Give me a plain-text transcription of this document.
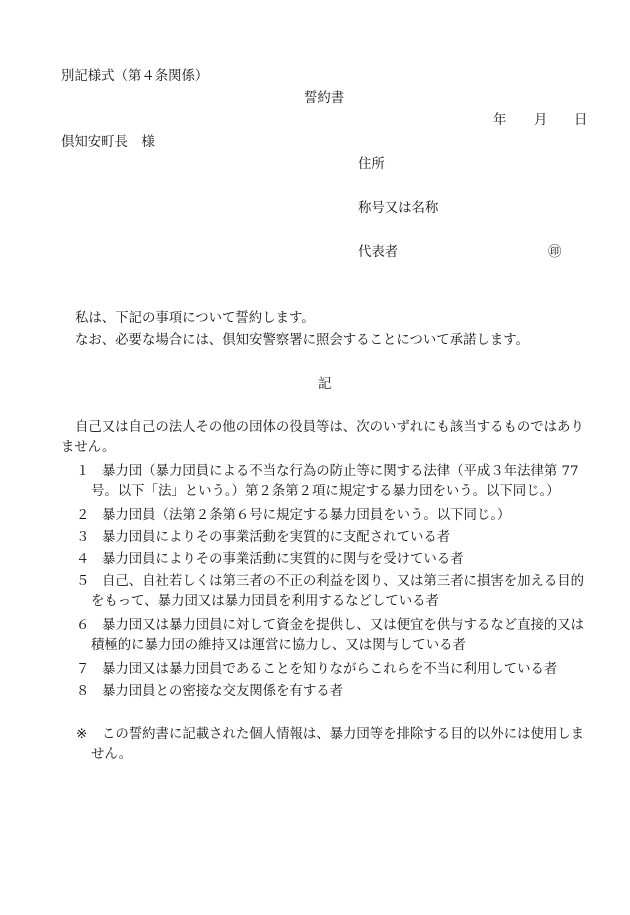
別記様式（第４条関係）
誓約書
年 月 日
倶知安町長　様
住所
称号又は名称
代表者	㊞
私は、下記の事項について誓約します。
なお、必要な場合には、倶知安警察署に照会することについて承諾します。
記
自己又は自己の法人その他の団体の役員等は、次のいずれにも該当するものではあり
ません。
１ 暴力団（暴力団員による不当な行為の防止等に関する法律（平成３年法律第 77
号。以下「法」という。）第２条第２項に規定する暴力団をいう。以下同じ。）
２ 暴力団員（法第２条第６号に規定する暴力団員をいう。以下同じ。）
３ 暴力団員によりその事業活動を実質的に支配されている者
４ 暴力団員によりその事業活動に実質的に関与を受けている者
５ 自己、自社若しくは第三者の不正の利益を図り、又は第三者に損害を加える目的
をもって、暴力団又は暴力団員を利用するなどしている者
６ 暴力団又は暴力団員に対して資金を提供し、又は便宜を供与するなど直接的又は
積極的に暴力団の維持又は運営に協力し、又は関与している者
７ 暴力団又は暴力団員であることを知りながらこれらを不当に利用している者
８ 暴力団員との密接な交友関係を有する者
※	この誓約書に記載された個人情報は、暴力団等を排除する目的以外には使用しま
せん。
